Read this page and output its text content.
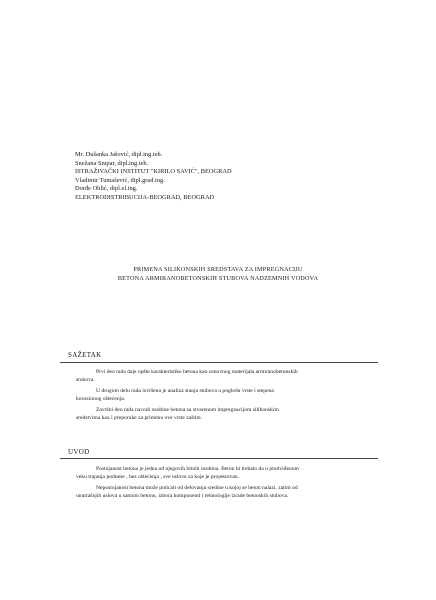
Mr. Dušanka Jašović, dipl.ing.teh.
Snežana Stupar, dipl.ing.teh.
ISTRAŽIVAČKI INSTITUT "KIRILO SAVIĆ", BEOGRAD
Vladimir Tumašević, dipl.grad.ing.
Đorđe Ohlić, dipl.el.ing.
ELEKTRODISTRIBUCIJA-BEOGRAD, BEOGRAD
PRIMENA SILIKONSKIH SREDSTAVA ZA IMPREGNACIJU
BETONA ARMIRANOBETONSKIH STUBOVA NADZEMNIH VODOVA
SAŽETAK
Prvi deo rada daje opšte karakteristike betona kao osnovnog materijala armiranobetonskih
stubova.
U drugom delu rada izvršena je analiza stanja stubova u pogledu vrste i stepena
korozionog oštećenja.
Završni deo rada navodi osobine betona sa stvarenom impregnacijom silikonskim
sredstvima kao i preporuke za primenu ove vrste zaštite.
UVOD
Postojanost betona je jedna od njegovih bitnih osobina. Beton bi trebalo da u predviđenom
veku trajanja podnese , bez oštećenja , sve uslove za koje je projektovan.
Nepostojanost betona može poticati od delovanja sredine u kojoj se beton nalazi, zatim od
unutrašnjih uslova u samom betonu, izbora komponenti i tehnologije izrade betonskih stubova.
